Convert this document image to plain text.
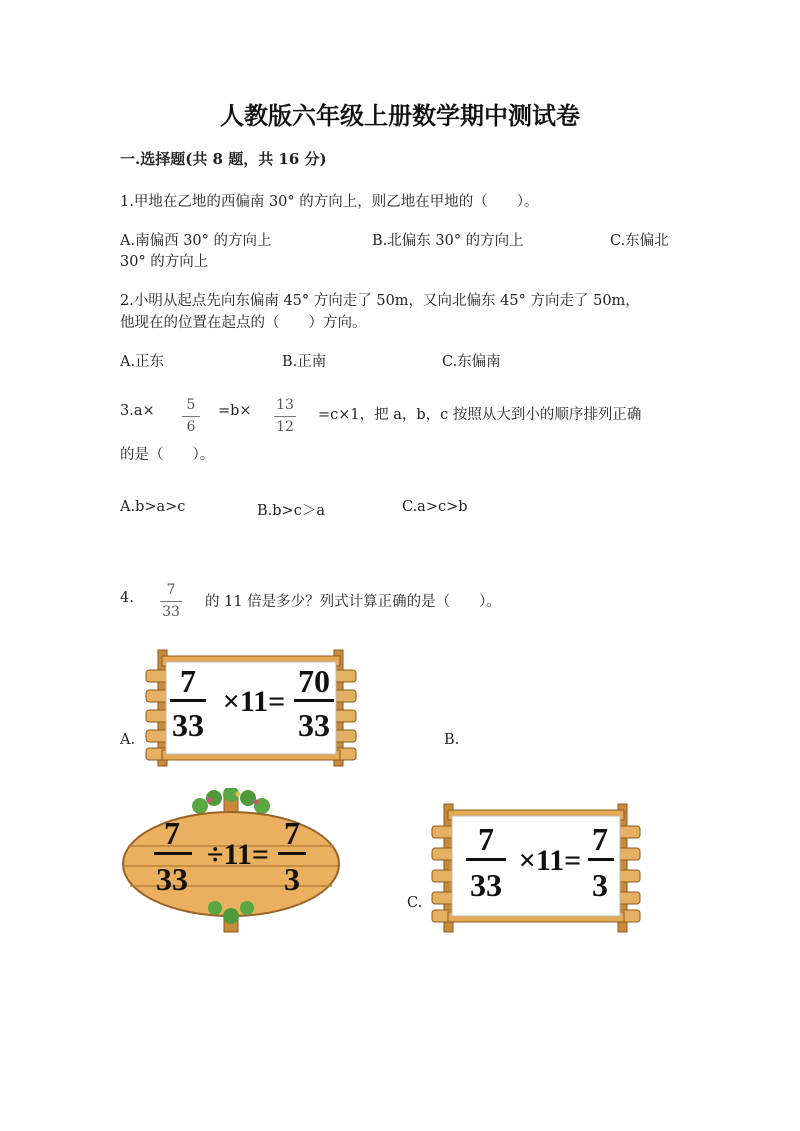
人教版六年级上册数学期中测试卷
一.选择题(共 8 题，共 16 分)
1.甲地在乙地的西偏南 30° 的方向上，则乙地在甲地的（　　）。
A.南偏西 30° 的方向上	B.北偏东 30° 的方向上	C.东偏北
30° 的方向上
2.小明从起点先向东偏南 45° 方向走了 50m，又向北偏东 45° 方向走了 50m，
他现在的位置在起点的（　　）方向。
A.正东	B.正南	C.东偏南
3.a×	5
6
=b× 13
12
=c×1，把 a，b，c 按照从大到小的顺序排列正确
的是（　　）。
A.b>a>c	B.b>c＞a	C.a>c>b
4.	7
33
的 11 倍是多少？列式计算正确的是（　　）。
A.	B.
C.
7
33
×11=
70
33
7
33
÷11=
7
3
7
33
×11=
7
3
